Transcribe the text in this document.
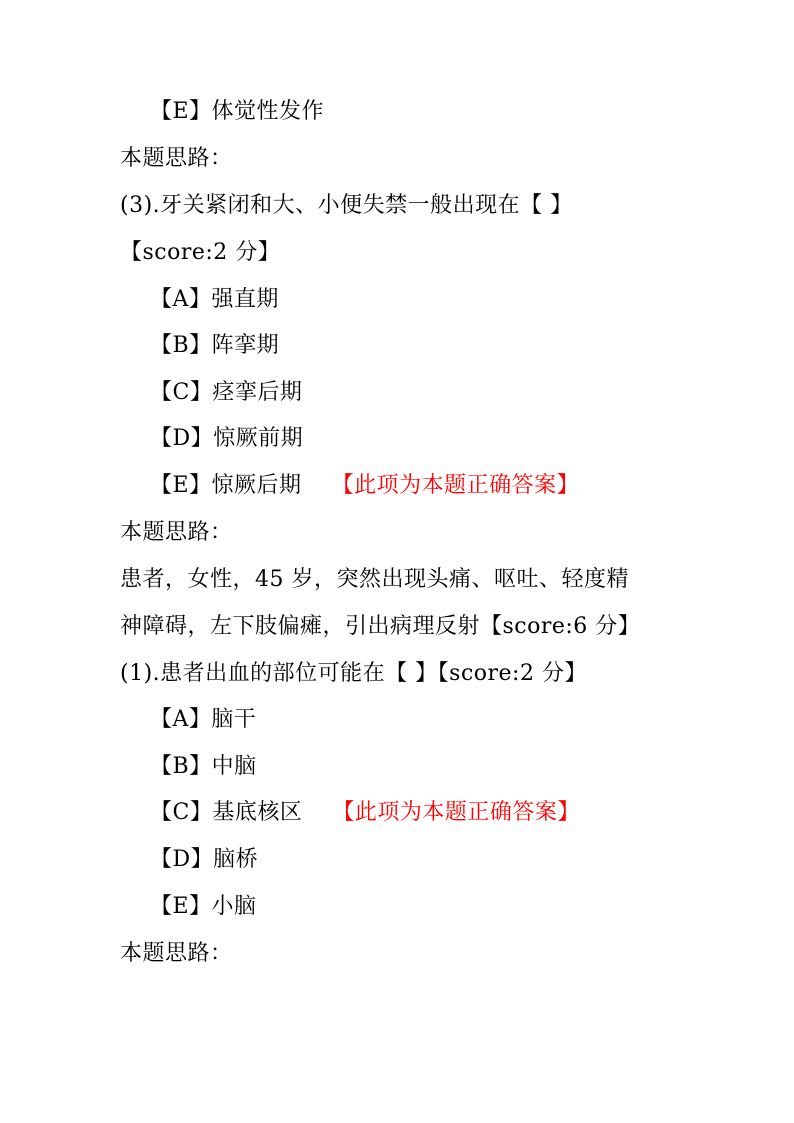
【E】体觉性发作
本题思路：
(3).牙关紧闭和大、小便失禁一般出现在【 】
【score:2 分】
【A】强直期
【B】阵挛期
【C】痉挛后期
【D】惊厥前期
【E】惊厥后期 【此项为本题正确答案】
本题思路：
患者，女性，45 岁，突然出现头痛、呕吐、轻度精
神障碍，左下肢偏瘫，引出病理反射【score:6 分】
(1).患者出血的部位可能在【 】【score:2 分】
【A】脑干
【B】中脑
【C】基底核区 【此项为本题正确答案】
【D】脑桥
【E】小脑
本题思路：
